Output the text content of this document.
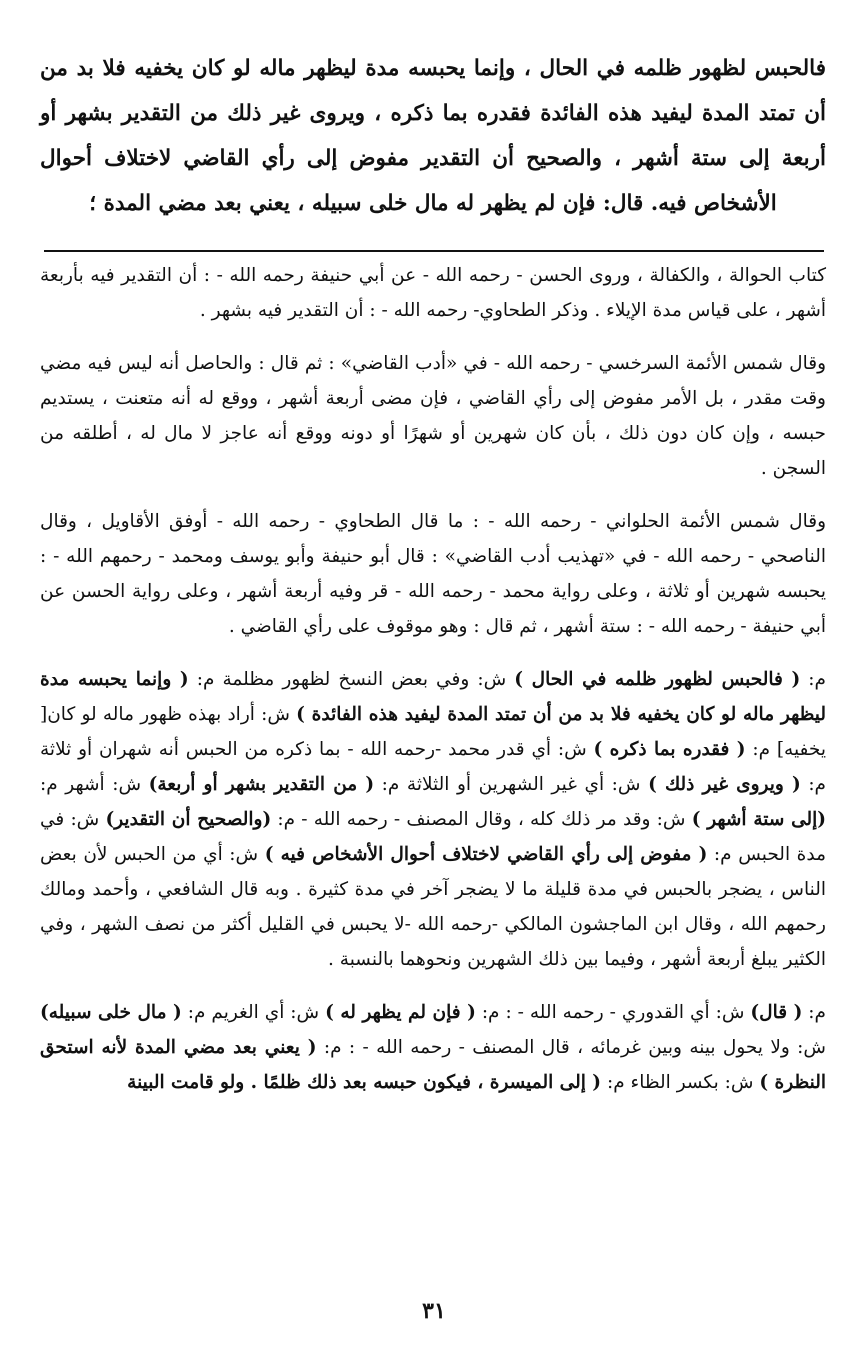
فالحبس لظهور ظلمه في الحال ، وإنما يحبسه مدة ليظهر ماله لو كان يخفيه فلا بد من أن تمتد المدة ليفيد هذه الفائدة فقدره بما ذكره ، ويروى غير ذلك من التقدير بشهر أو أربعة إلى ستة أشهر ، والصحيح أن التقدير مفوض إلى رأي القاضي لاختلاف أحوال الأشخاص فيه. قال: فإن لم يظهر له مال خلى سبيله ، يعني بعد مضي المدة ؛

كتاب الحوالة ، والكفالة ، وروى الحسن - رحمه الله - عن أبي حنيفة رحمه الله - : أن التقدير فيه بأربعة أشهر ، على قياس مدة الإيلاء . وذكر الطحاوي- رحمه الله - : أن التقدير فيه بشهر .

وقال شمس الأئمة السرخسي - رحمه الله - في «أدب القاضي» : ثم قال : والحاصل أنه ليس فيه مضي وقت مقدر ، بل الأمر مفوض إلى رأي القاضي ، فإن مضى أربعة أشهر ، ووقع له أنه متعنت ، يستديم حبسه ، وإن كان دون ذلك ، بأن كان شهرين أو شهرًا أو دونه ووقع أنه عاجز لا مال له ، أطلقه من السجن .

وقال شمس الأئمة الحلواني - رحمه الله - : ما قال الطحاوي - رحمه الله - أوفق الأقاويل ، وقال الناصحي - رحمه الله - في «تهذيب أدب القاضي» : قال أبو حنيفة وأبو يوسف ومحمد - رحمهم الله - : يحبسه شهرين أو ثلاثة ، وعلى رواية محمد - رحمه الله - قر وفيه أربعة أشهر ، وعلى رواية الحسن عن أبي حنيفة - رحمه الله - : ستة أشهر ، ثم قال : وهو موقوف على رأي القاضي .

م: ( فالحبس لظهور ظلمه في الحال ) ش: وفي بعض النسخ لظهور مظلمة م: ( وإنما يحبسه مدة ليظهر ماله لو كان يخفيه فلا بد من أن تمتد المدة ليفيد هذه الفائدة ) ش: أراد بهذه ظهور ماله لو كان[ يخفيه] م: ( فقدره بما ذكره ) ش: أي قدر محمد -رحمه الله - بما ذكره من الحبس أنه شهران أو ثلاثة م: ( ويروى غير ذلك ) ش: أي غير الشهرين أو الثلاثة م: ( من التقدير بشهر أو أربعة) ش: أشهر م: (إلى ستة أشهر ) ش: وقد مر ذلك كله ، وقال المصنف - رحمه الله - م: (والصحيح أن التقدير) ش: في مدة الحبس م: ( مفوض إلى رأي القاضي لاختلاف أحوال الأشخاص فيه ) ش: أي من الحبس لأن بعض الناس ، يضجر بالحبس في مدة قليلة ما لا يضجر آخر في مدة كثيرة . وبه قال الشافعي ، وأحمد ومالك رحمهم الله ، وقال ابن الماجشون المالكي -رحمه الله -لا يحبس في القليل أكثر من نصف الشهر ، وفي الكثير يبلغ أربعة أشهر ، وفيما بين ذلك الشهرين ونحوهما بالنسبة .

م: ( قال) ش: أي القدوري - رحمه الله - : م: ( فإن لم يظهر له ) ش: أي الغريم م: ( مال خلى سبيله) ش: ولا يحول بينه وبين غرمائه ، قال المصنف - رحمه الله - : م: ( يعني بعد مضي المدة لأنه استحق النظرة ) ش: بكسر الظاء م: ( إلى الميسرة ، فيكون حبسه بعد ذلك ظلمًا . ولو قامت البينة

٣١
